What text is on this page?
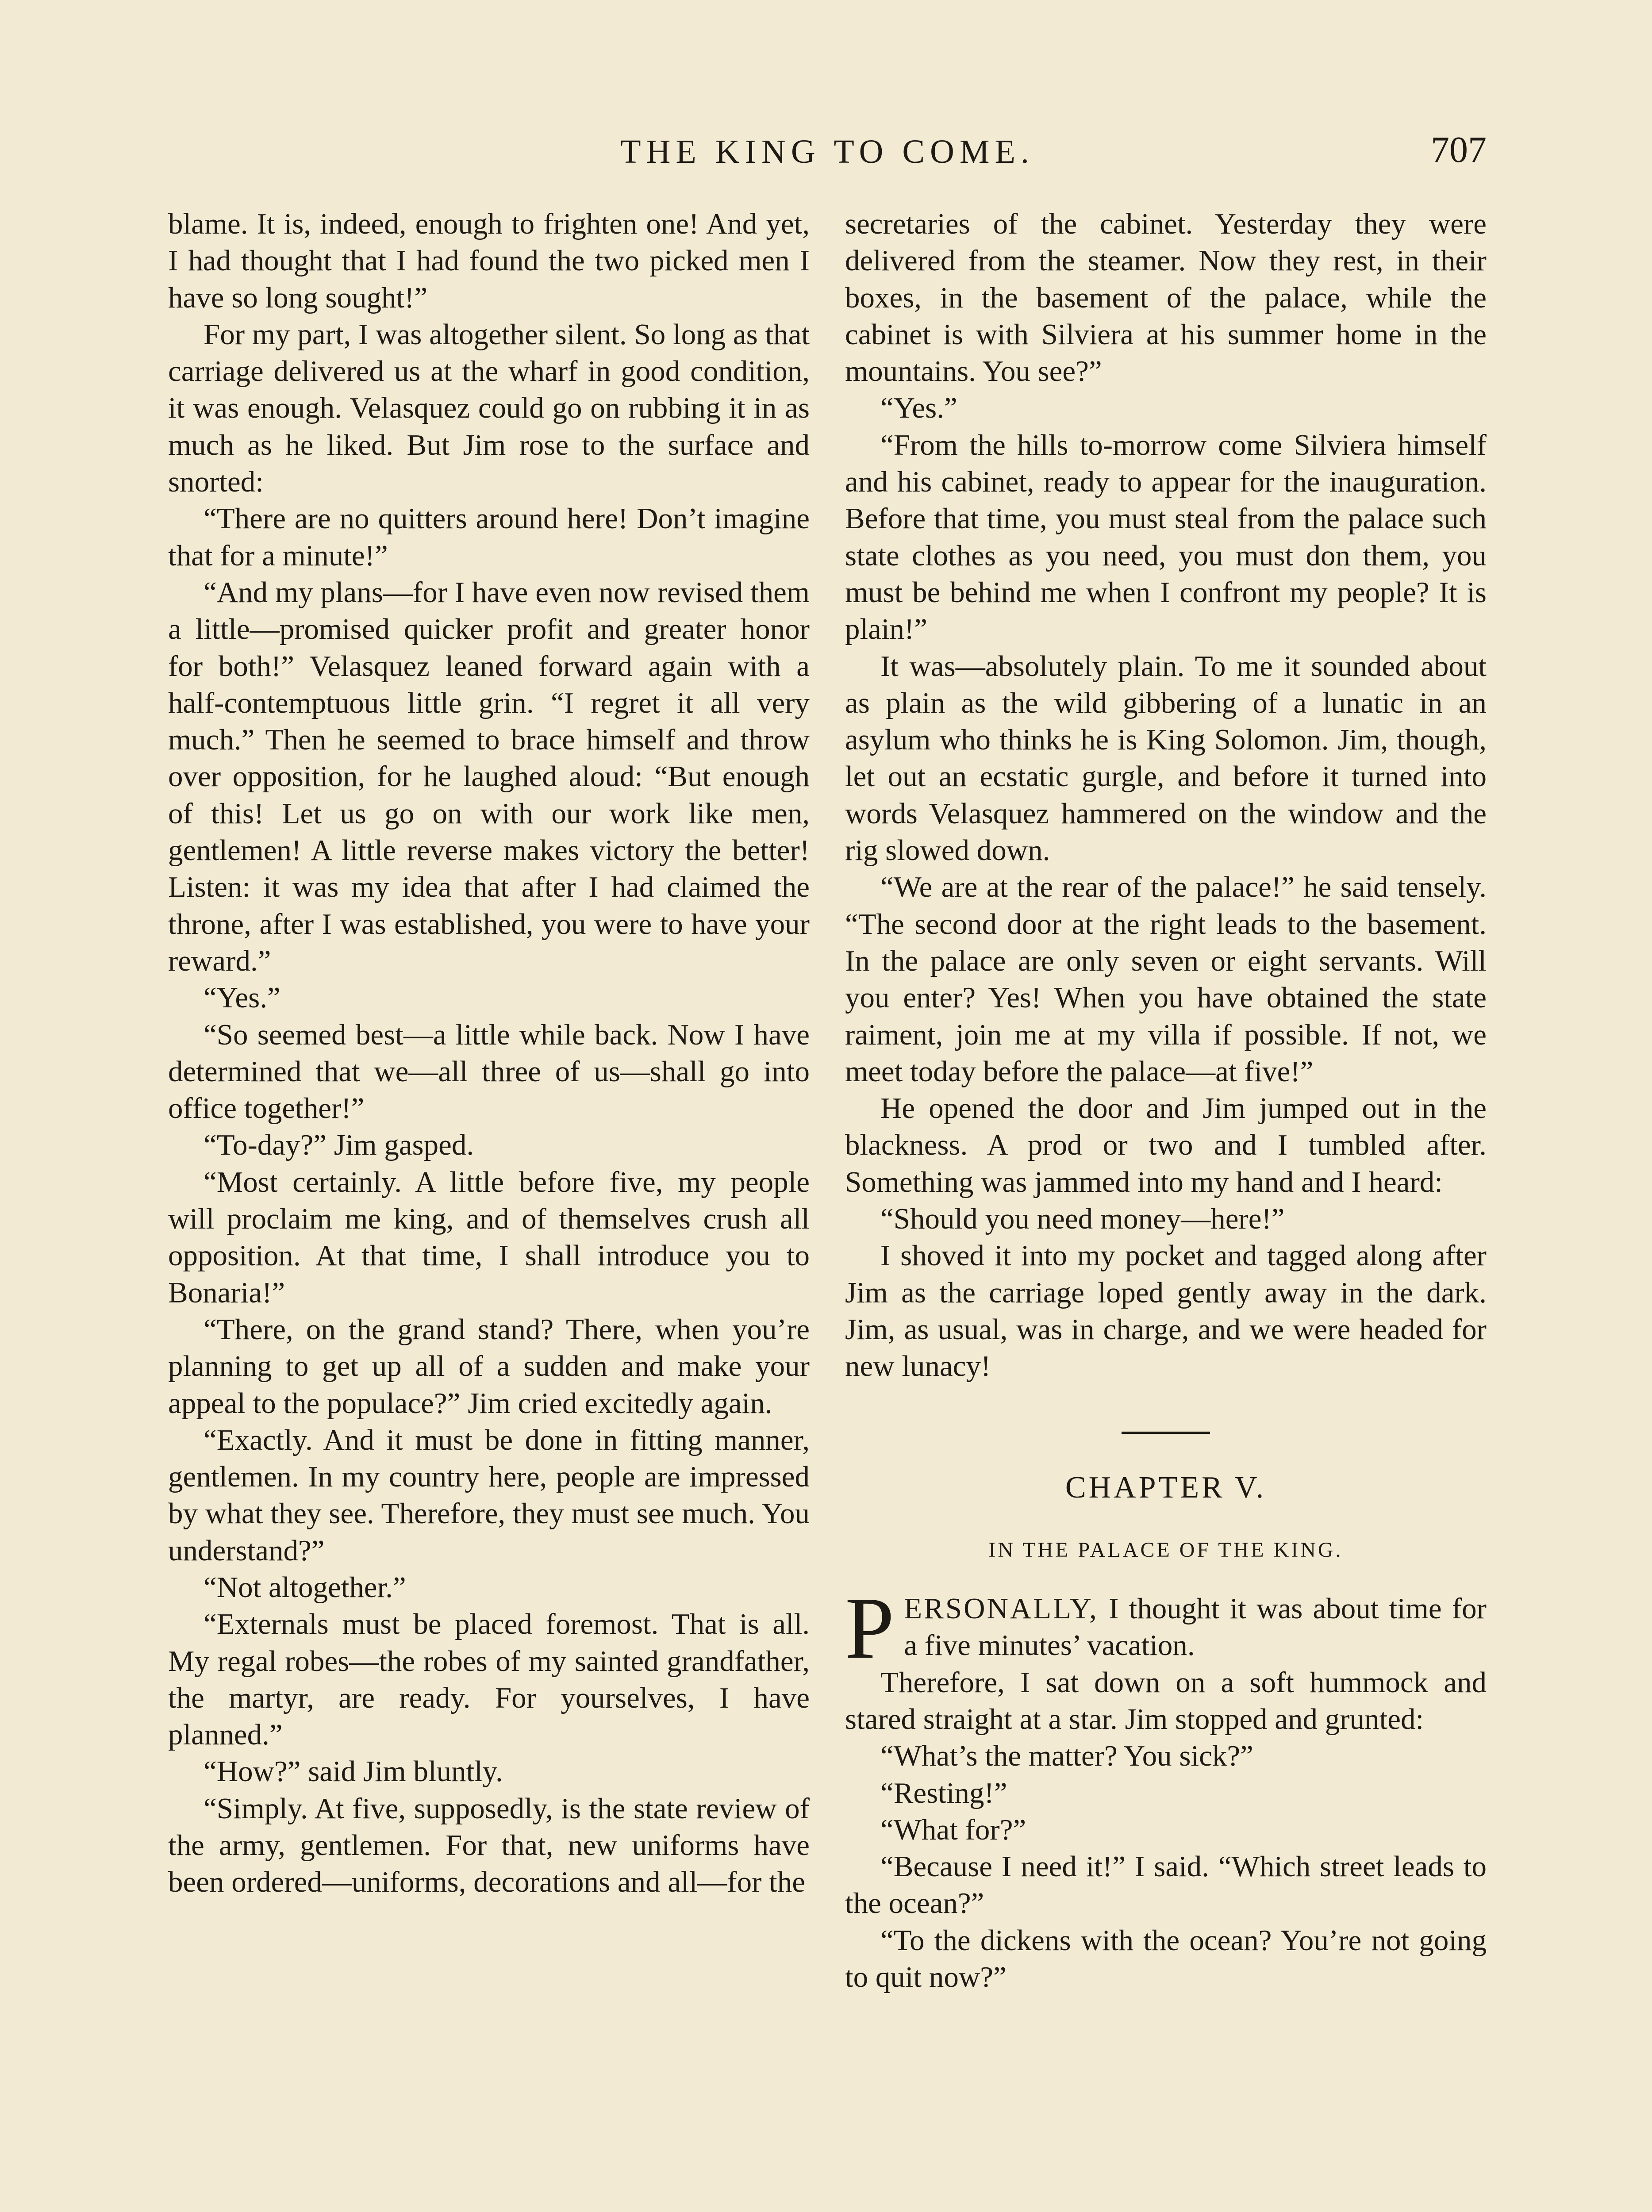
THE KING TO COME.	707

blame. It is, indeed, enough to frighten one! And yet, I had thought that I had found the two picked men I have so long sought!”

For my part, I was altogether silent. So long as that carriage delivered us at the wharf in good condition, it was enough. Velasquez could go on rubbing it in as much as he liked. But Jim rose to the surface and snorted:

“There are no quitters around here! Don’t imagine that for a minute!”

“And my plans—for I have even now revised them a little—promised quicker profit and greater honor for both!” Velasquez leaned forward again with a half-contemptuous little grin. “I regret it all very much.” Then he seemed to brace himself and throw over opposition, for he laughed aloud: “But enough of this! Let us go on with our work like men, gentlemen! A little reverse makes victory the better! Listen: it was my idea that after I had claimed the throne, after I was established, you were to have your reward.”

“Yes.”

“So seemed best—a little while back. Now I have determined that we—all three of us—shall go into office together!”

“To-day?” Jim gasped.

“Most certainly. A little before five, my people will proclaim me king, and of themselves crush all opposition. At that time, I shall introduce you to Bonaria!”

“There, on the grand stand? There, when you’re planning to get up all of a sudden and make your appeal to the populace?” Jim cried excitedly again.

“Exactly. And it must be done in fitting manner, gentlemen. In my country here, people are impressed by what they see. Therefore, they must see much. You understand?”

“Not altogether.”

“Externals must be placed foremost. That is all. My regal robes—the robes of my sainted grandfather, the martyr, are ready. For yourselves, I have planned.”

“How?” said Jim bluntly.

“Simply. At five, supposedly, is the state review of the army, gentlemen. For that, new uniforms have been ordered—uniforms, decorations and all—for the

secretaries of the cabinet. Yesterday they were delivered from the steamer. Now they rest, in their boxes, in the basement of the palace, while the cabinet is with Silviera at his summer home in the mountains. You see?”

“Yes.”

“From the hills to-morrow come Silviera himself and his cabinet, ready to appear for the inauguration. Before that time, you must steal from the palace such state clothes as you need, you must don them, you must be behind me when I confront my people? It is plain!”

It was—absolutely plain. To me it sounded about as plain as the wild gibbering of a lunatic in an asylum who thinks he is King Solomon. Jim, though, let out an ecstatic gurgle, and before it turned into words Velasquez hammered on the window and the rig slowed down.

“We are at the rear of the palace!” he said tensely. “The second door at the right leads to the basement. In the palace are only seven or eight servants. Will you enter? Yes! When you have obtained the state raiment, join me at my villa if possible. If not, we meet today before the palace—at five!”

He opened the door and Jim jumped out in the blackness. A prod or two and I tumbled after. Something was jammed into my hand and I heard:

“Should you need money—here!”

I shoved it into my pocket and tagged along after Jim as the carriage loped gently away in the dark. Jim, as usual, was in charge, and we were headed for new lunacy!

CHAPTER V.
IN THE PALACE OF THE KING.

PERSONALLY, I thought it was about time for a five minutes’ vacation.

Therefore, I sat down on a soft hummock and stared straight at a star. Jim stopped and grunted:

“What’s the matter? You sick?”

“Resting!”

“What for?”

“Because I need it!” I said. “Which street leads to the ocean?”

“To the dickens with the ocean? You’re not going to quit now?”
